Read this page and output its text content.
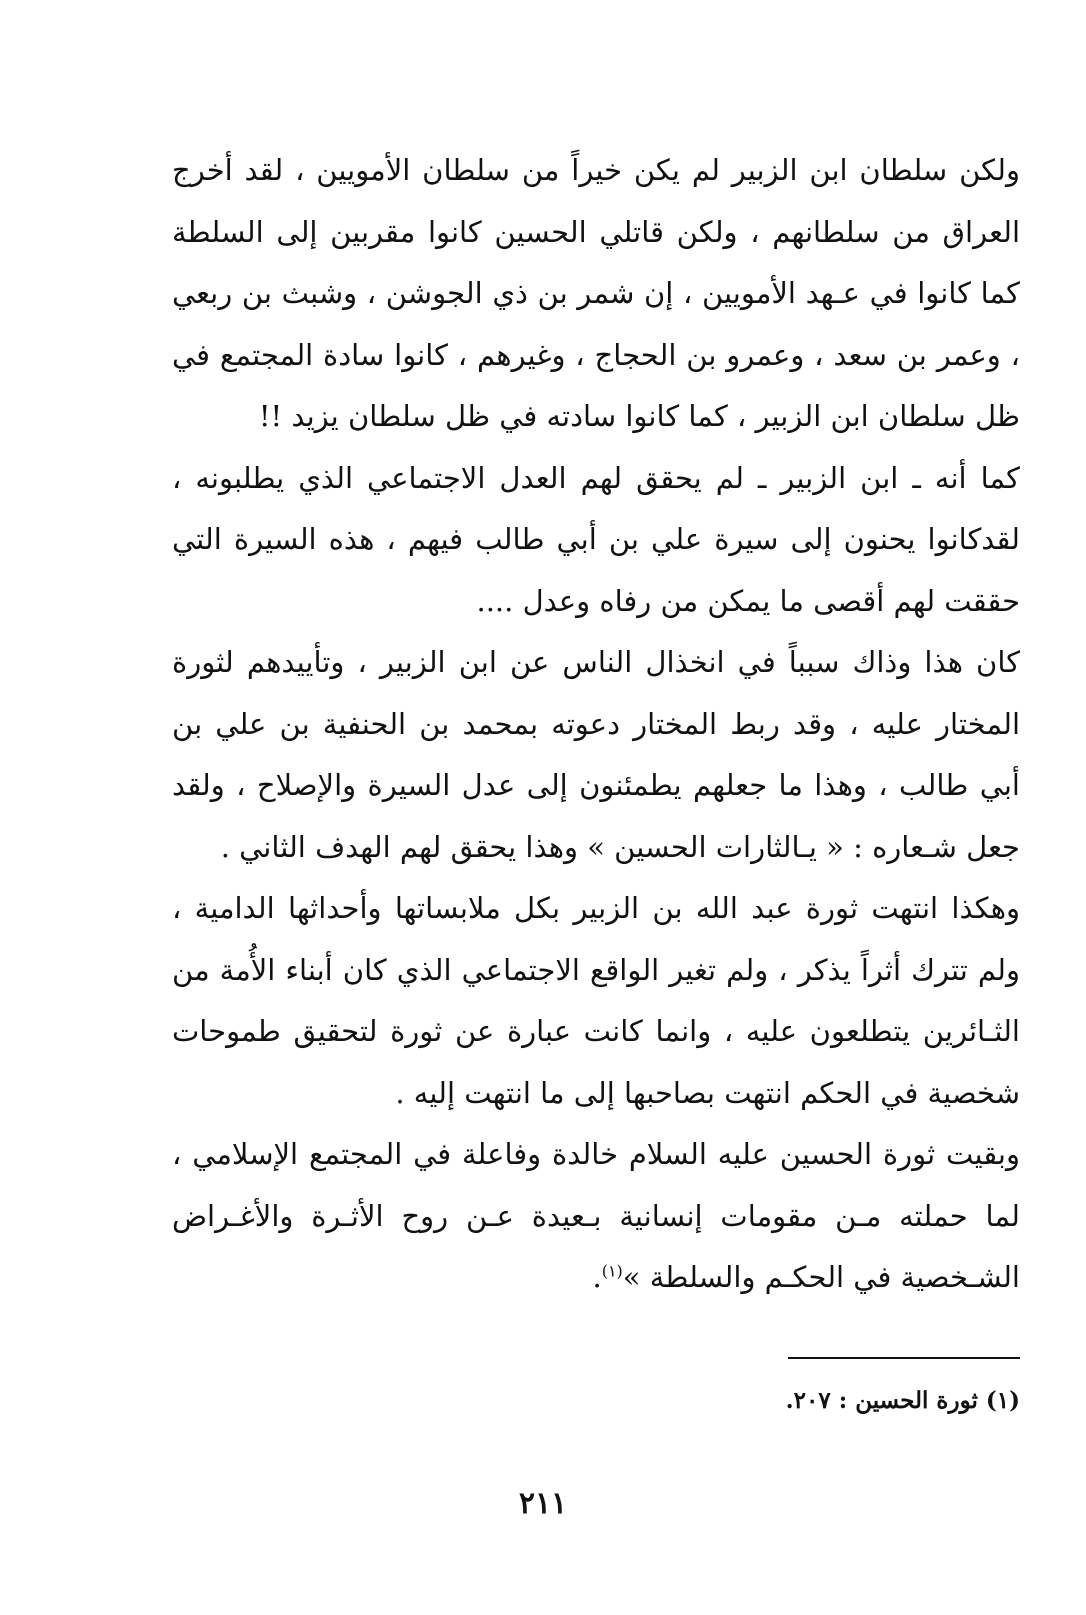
ولكن سلطان ابن الزبير لم يكن خيراً من سلطان الأمويين ، لقد أخرج العراق من سلطانهم ، ولكن قاتلي الحسين كانوا مقربين إلى السلطة كما كانوا في عـهد الأمويين ، إن شمر بن ذي الجوشن ، وشبث بن ربعي ، وعمر بن سعد ، وعمرو بن الحجاج ، وغيرهم ، كانوا سادة المجتمع في ظل سلطان ابن الزبير ، كما كانوا سادته في ظل سلطان يزيد !!

كما أنه ـ ابن الزبير ـ لم يحقق لهم العدل الاجتماعي الذي يطلبونه ، لقدكانوا يحنون إلى سيرة علي بن أبي طالب فيهم ، هذه السيرة التي حققت لهم أقصى ما يمكن من رفاه وعدل ....

كان هذا وذاك سبباً في انخذال الناس عن ابن الزبير ، وتأييدهم لثورة المختار عليه ، وقد ربط المختار دعوته بمحمد بن الحنفية بن علي بن أبي طالب ، وهذا ما جعلهم يطمئنون إلى عدل السيرة والإصلاح ، ولقد جعل شـعاره : « يـالثارات الحسين » وهذا يحقق لهم الهدف الثاني .

وهكذا انتهت ثورة عبد الله بن الزبير بكل ملابساتها وأحداثها الدامية ، ولم تترك أثراً يذكر ، ولم تغير الواقع الاجتماعي الذي كان أبناء الأُمة من الثـائرين يتطلعون عليه ، وانما كانت عبارة عن ثورة لتحقيق طموحات شخصية في الحكم انتهت بصاحبها إلى ما انتهت إليه .

وبقيت ثورة الحسين عليه السلام خالدة وفاعلة في المجتمع الإسلامي ، لما حملته مـن مقومات إنسانية بـعيدة عـن روح الأثـرة والأغـراض الشـخصية في الحكـم والسلطة »$^{(١)}$.

(١) ثورة الحسين : ٢٠٧.
٢١١
